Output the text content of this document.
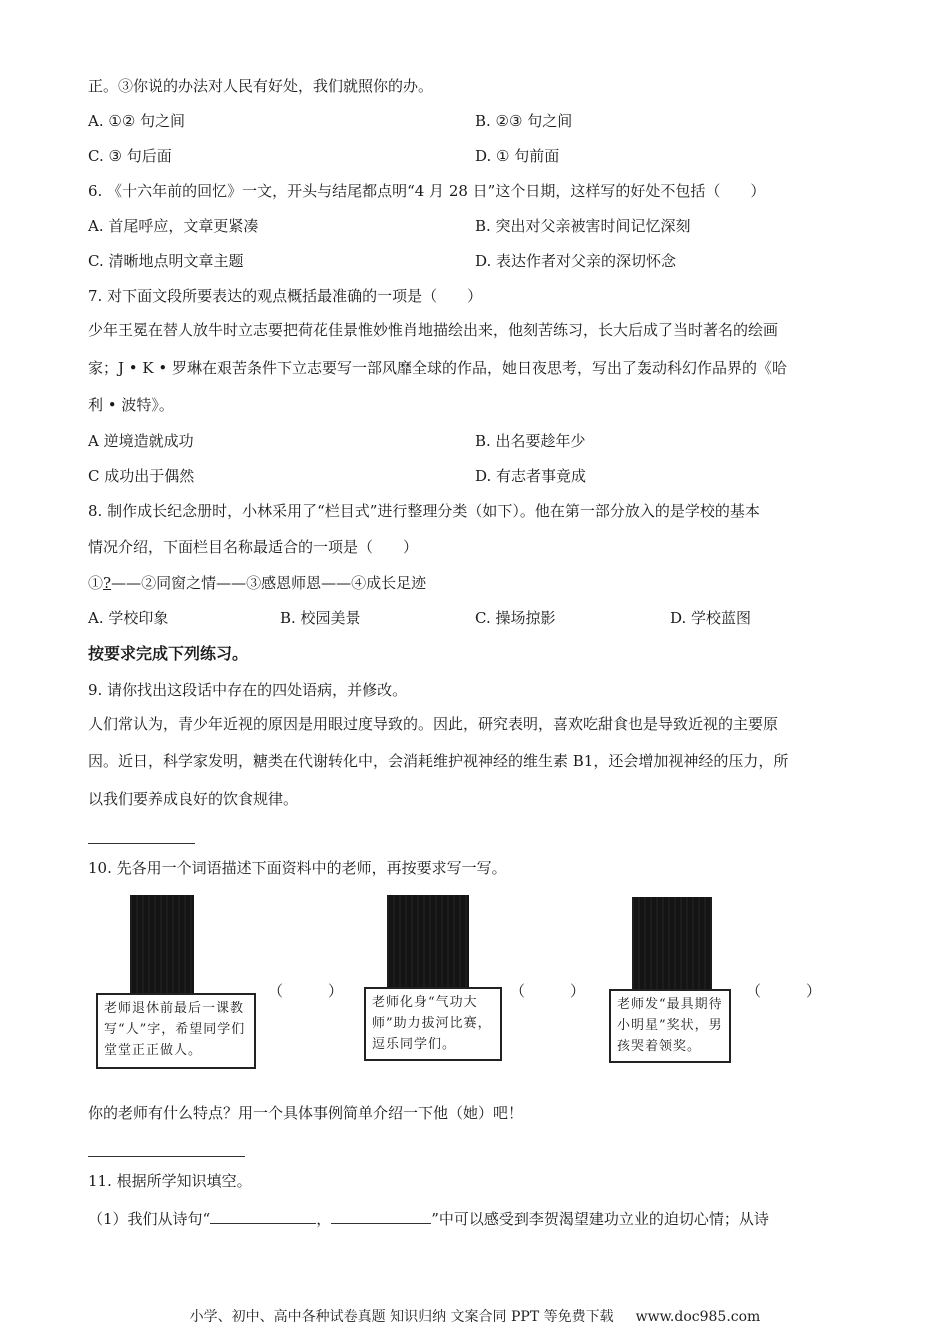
正。③你说的办法对人民有好处，我们就照你的办。
A. ①② 句之间	B. ②③ 句之间
C. ③ 句后面	D. ① 句前面
6. 《十六年前的回忆》一文，开头与结尾都点明“4 月 28 日”这个日期，这样写的好处不包括（　　）
A. 首尾呼应，文章更紧凑	B. 突出对父亲被害时间记忆深刻
C. 清晰地点明文章主题	D. 表达作者对父亲的深切怀念
7. 对下面文段所要表达的观点概括最准确的一项是（　　）
少年王冕在替人放牛时立志要把荷花佳景惟妙惟肖地描绘出来，他刻苦练习，长大后成了当时著名的绘画
家；J • K • 罗琳在艰苦条件下立志要写一部风靡全球的作品，她日夜思考，写出了轰动科幻作品界的《哈
利 • 波特》。
A 逆境造就成功	B. 出名要趁年少
C 成功出于偶然	D. 有志者事竟成
8. 制作成长纪念册时，小林采用了“栏目式”进行整理分类（如下）。他在第一部分放入的是学校的基本
情况介绍，下面栏目名称最适合的一项是（　　）
①?——②同窗之情——③感恩师恩——④成长足迹
A. 学校印象	B. 校园美景	C. 操场掠影	D. 学校蓝图
按要求完成下列练习。
9. 请你找出这段话中存在的四处语病，并修改。
人们常认为，青少年近视的原因是用眼过度导致的。因此，研究表明，喜欢吃甜食也是导致近视的主要原
因。近日，科学家发明，糖类在代谢转化中，会消耗维护视神经的维生素 B1，还会增加视神经的压力，所
以我们要养成良好的饮食规律。
10. 先各用一个词语描述下面资料中的老师，再按要求写一写。
老师退休前最后一课教写“人”字，希望同学们堂堂正正做人。
（　　　）
老师化身“气功大师”助力拔河比赛，逗乐同学们。
（　　　）
老师发“最具期待小明星”奖状，男孩哭着领奖。
（　　　）
你的老师有什么特点？用一个具体事例简单介绍一下他（她）吧！
11. 根据所学知识填空。
（1）我们从诗句“	，	”中可以感受到李贺渴望建功立业的迫切心情；从诗
小学、初中、高中各种试卷真题 知识归纳 文案合同 PPT 等免费下载 www.doc985.com
